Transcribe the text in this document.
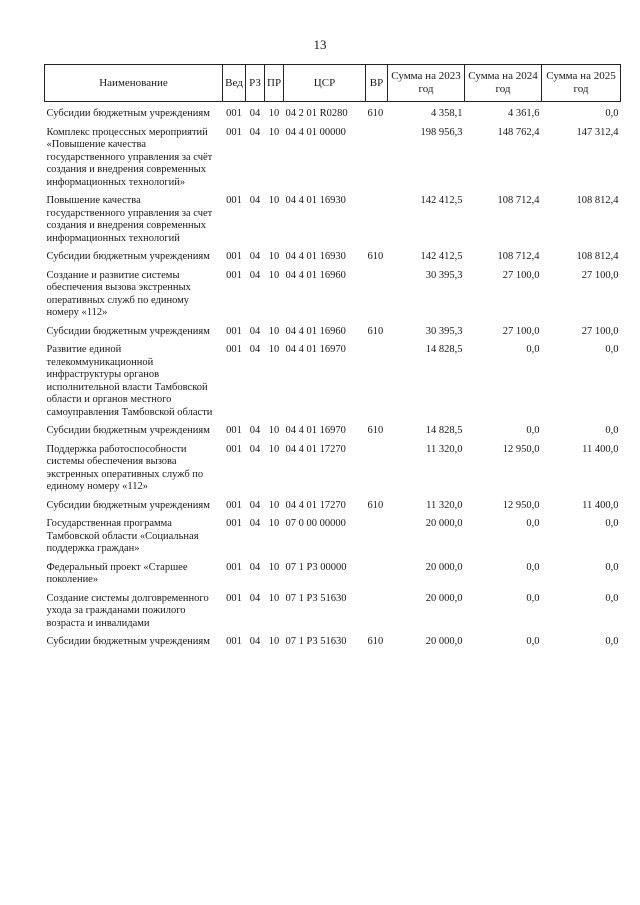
13
Наименование	Вед	РЗ	ПР	ЦСР	ВР	Сумма на 2023 год	Сумма на 2024 год	Сумма на 2025 год

Субсидии бюджетным учреждениям	001	04	10	04 2 01 R0280	610	4 358,1	4 361,6	0,0

Комплекс процессных мероприятий «Повышение качества государственного управления за счёт создания и внедрения современных информационных технологий»	001	04	10	04 4 01 00000		198 956,3	148 762,4	147 312,4

Повышение качества государственного управления за счет создания и внедрения современных информационных технологий	001	04	10	04 4 01 16930		142 412,5	108 712,4	108 812,4

Субсидии бюджетным учреждениям	001	04	10	04 4 01 16930	610	142 412,5	108 712,4	108 812,4

Создание и развитие системы обеспечения вызова экстренных оперативных служб по единому номеру «112»	001	04	10	04 4 01 16960		30 395,3	27 100,0	27 100,0

Субсидии бюджетным учреждениям	001	04	10	04 4 01 16960	610	30 395,3	27 100,0	27 100,0

Развитие единой телекоммуникационной инфраструктуры органов исполнительной власти Тамбовской области и органов местного самоуправления Тамбовской области	001	04	10	04 4 01 16970		14 828,5	0,0	0,0

Субсидии бюджетным учреждениям	001	04	10	04 4 01 16970	610	14 828,5	0,0	0,0

Поддержка работоспособности системы обеспечения вызова экстренных оперативных служб по единому номеру «112»	001	04	10	04 4 01 17270		11 320,0	12 950,0	11 400,0

Субсидии бюджетным учреждениям	001	04	10	04 4 01 17270	610	11 320,0	12 950,0	11 400,0

Государственная программа Тамбовской области «Социальная поддержка граждан»	001	04	10	07 0 00 00000		20 000,0	0,0	0,0

Федеральный проект «Старшее поколение»	001	04	10	07 1 Р3 00000		20 000,0	0,0	0,0

Создание системы долговременного ухода за гражданами пожилого возраста и инвалидами	001	04	10	07 1 Р3 51630		20 000,0	0,0	0,0

Субсидии бюджетным учреждениям	001	04	10	07 1 Р3 51630	610	20 000,0	0,0	0,0
